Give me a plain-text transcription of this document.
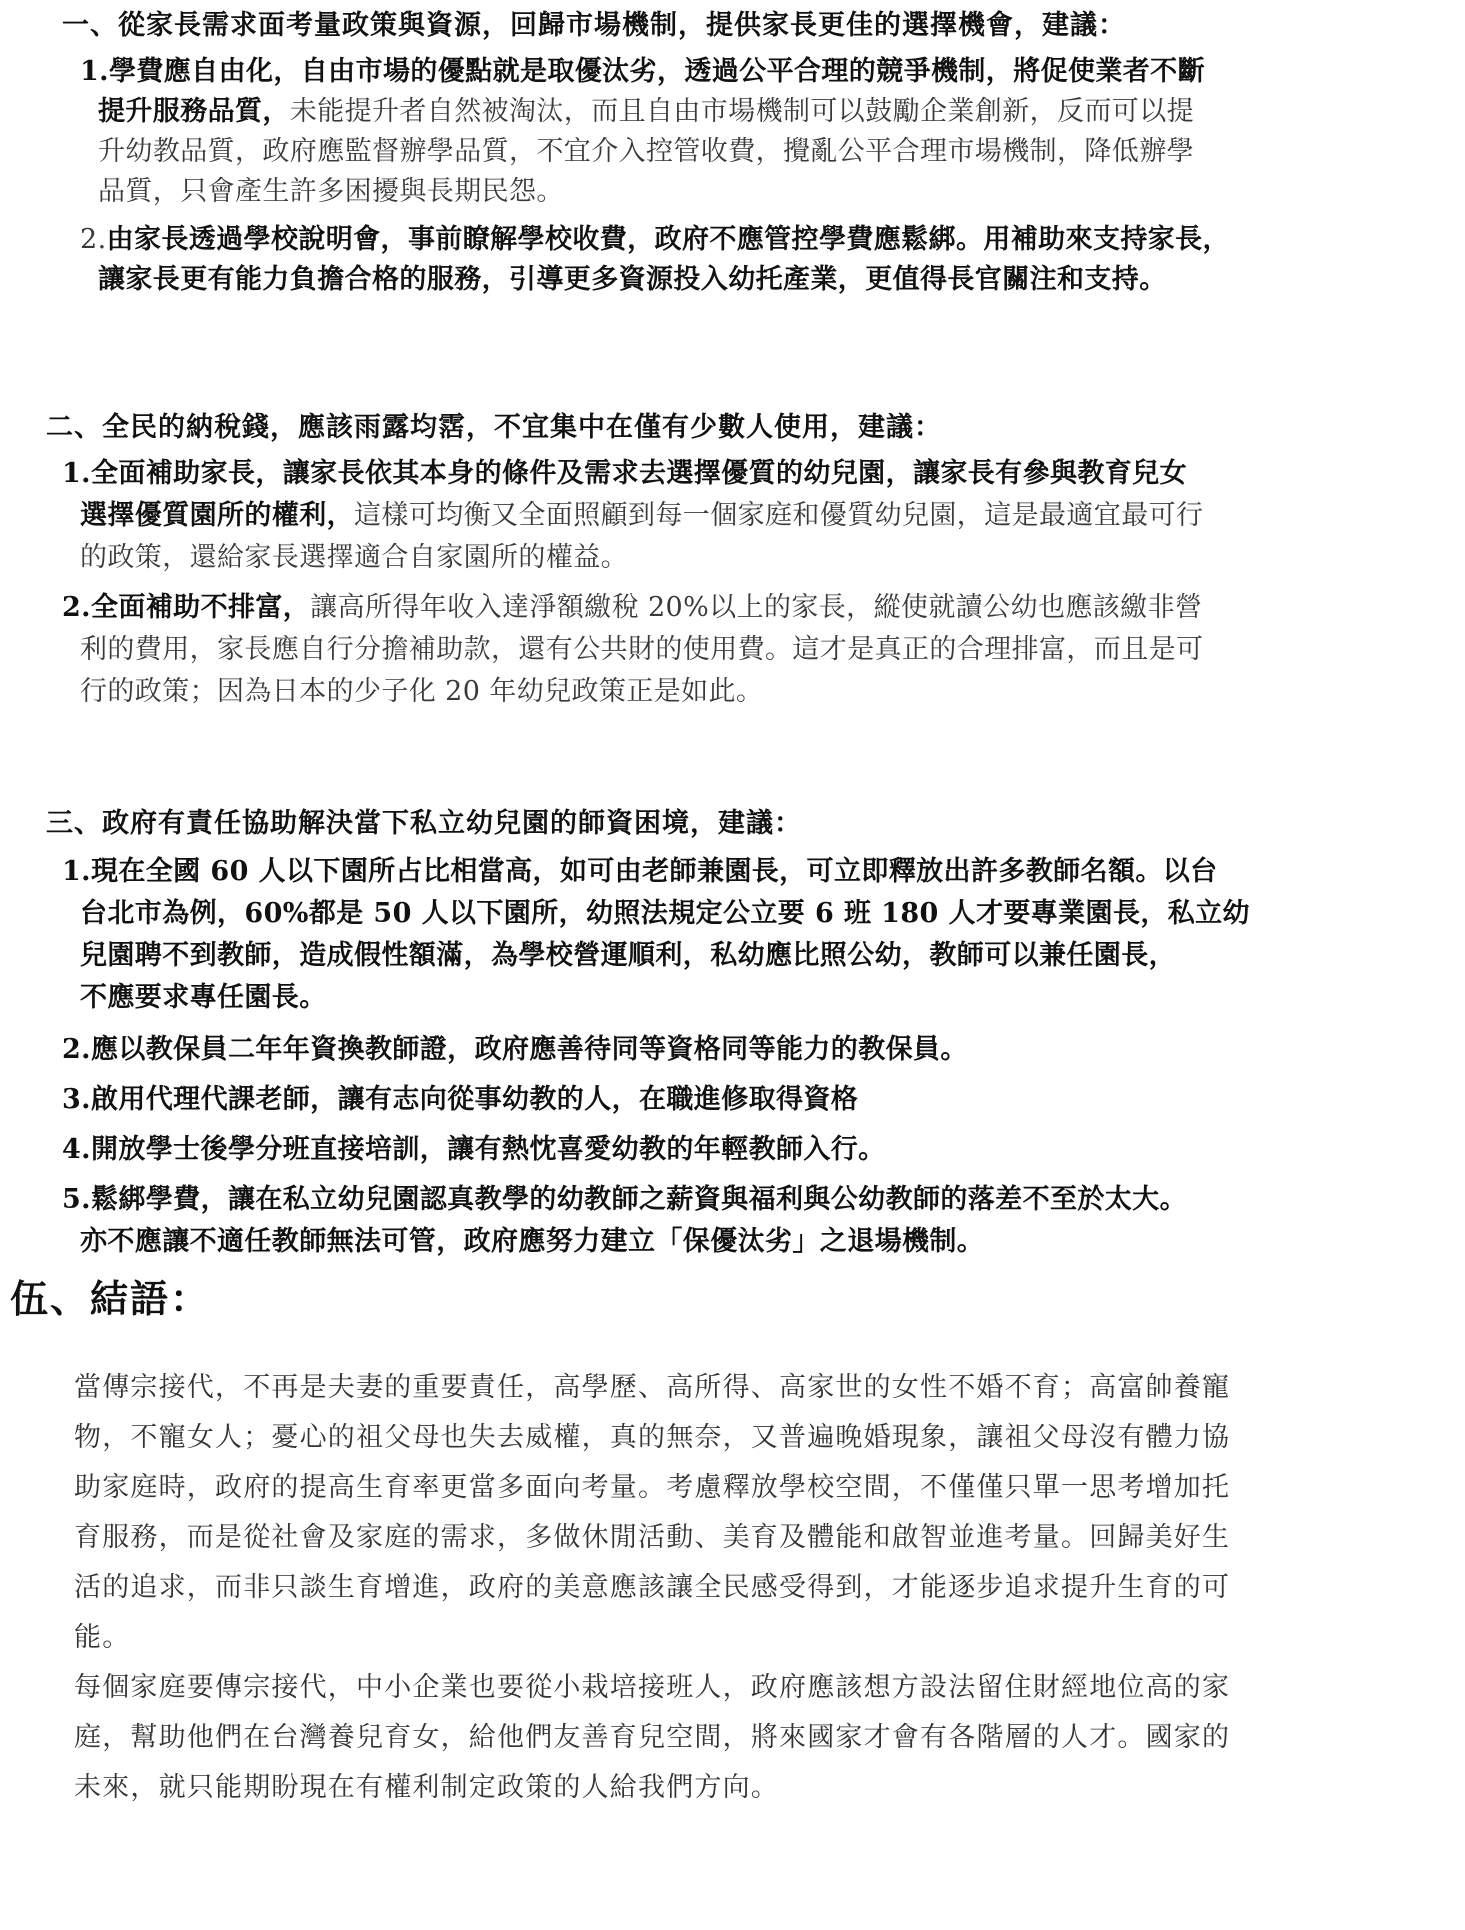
一、從家長需求面考量政策與資源，回歸市場機制，提供家長更佳的選擇機會，建議：
1.學費應自由化，自由市場的優點就是取優汰劣，透過公平合理的競爭機制，將促使業者不斷
提升服務品質，未能提升者自然被淘汰，而且自由市場機制可以鼓勵企業創新，反而可以提
升幼教品質，政府應監督辦學品質，不宜介入控管收費，攪亂公平合理市場機制，降低辦學
品質，只會產生許多困擾與長期民怨。
2.由家長透過學校說明會，事前瞭解學校收費，政府不應管控學費應鬆綁。用補助來支持家長，
讓家長更有能力負擔合格的服務，引導更多資源投入幼托產業，更值得長官關注和支持。
二、全民的納稅錢，應該雨露均霑，不宜集中在僅有少數人使用，建議：
1.全面補助家長，讓家長依其本身的條件及需求去選擇優質的幼兒園，讓家長有參與教育兒女
選擇優質園所的權利，這樣可均衡又全面照顧到每一個家庭和優質幼兒園，這是最適宜最可行
的政策，還給家長選擇適合自家園所的權益。
2.全面補助不排富，讓高所得年收入達淨額繳稅 20%以上的家長，縱使就讀公幼也應該繳非營
利的費用，家長應自行分擔補助款，還有公共財的使用費。這才是真正的合理排富，而且是可
行的政策；因為日本的少子化 20 年幼兒政策正是如此。
三、政府有責任協助解決當下私立幼兒園的師資困境，建議：
1.現在全國 60 人以下園所占比相當高，如可由老師兼園長，可立即釋放出許多教師名額。以台
台北市為例，60%都是 50 人以下園所，幼照法規定公立要 6 班 180 人才要專業園長，私立幼
兒園聘不到教師，造成假性額滿，為學校營運順利，私幼應比照公幼，教師可以兼任園長，
不應要求專任園長。
2.應以教保員二年年資換教師證，政府應善待同等資格同等能力的教保員。
3.啟用代理代課老師，讓有志向從事幼教的人，在職進修取得資格
4.開放學士後學分班直接培訓，讓有熱忱喜愛幼教的年輕教師入行。
5.鬆綁學費，讓在私立幼兒園認真教學的幼教師之薪資與福利與公幼教師的落差不至於太大。
亦不應讓不適任教師無法可管，政府應努力建立「保優汰劣」之退場機制。
伍、結語：
當傳宗接代，不再是夫妻的重要責任，高學歷、高所得、高家世的女性不婚不育；高富帥養寵
物，不寵女人；憂心的祖父母也失去威權，真的無奈，又普遍晚婚現象，讓祖父母沒有體力協
助家庭時，政府的提高生育率更當多面向考量。考慮釋放學校空間，不僅僅只單一思考增加托
育服務，而是從社會及家庭的需求，多做休閒活動、美育及體能和啟智並進考量。回歸美好生
活的追求，而非只談生育增進，政府的美意應該讓全民感受得到，才能逐步追求提升生育的可
能。
每個家庭要傳宗接代，中小企業也要從小栽培接班人，政府應該想方設法留住財經地位高的家
庭，幫助他們在台灣養兒育女，給他們友善育兒空間，將來國家才會有各階層的人才。國家的
未來，就只能期盼現在有權利制定政策的人給我們方向。
